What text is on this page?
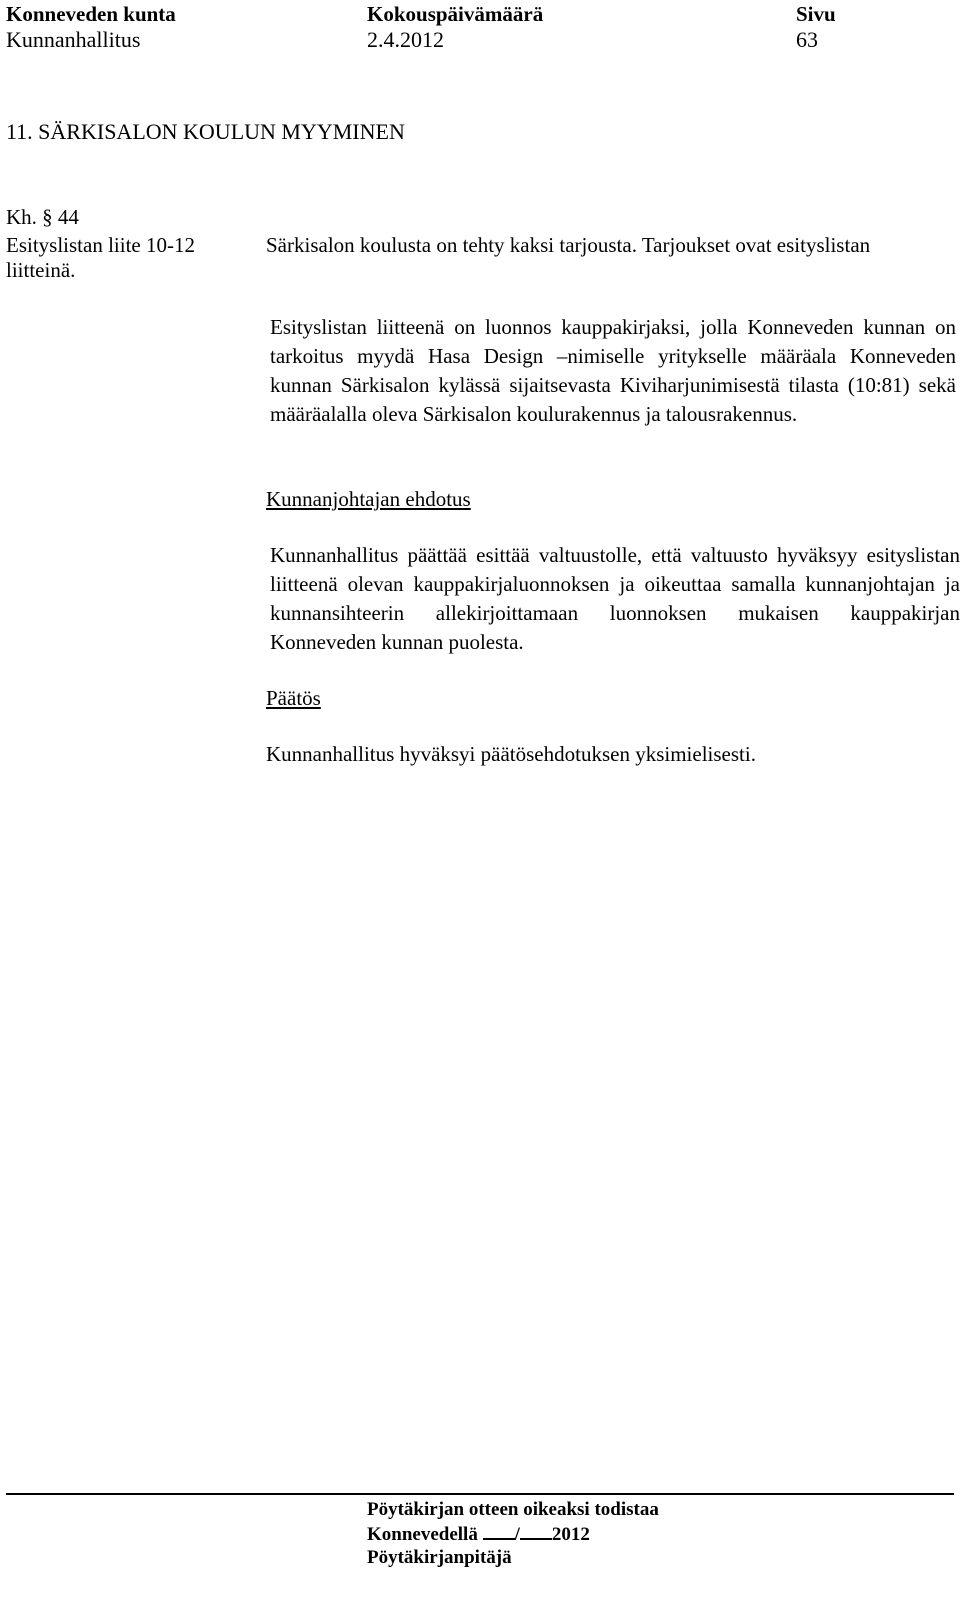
Konneveden kunta	Kokouspäivämäärä	Sivu
Kunnanhallitus	2.4.2012	63
11. SÄRKISALON KOULUN MYYMINEN
Kh. § 44
Esityslistan liite 10-12	Särkisalon koulusta on tehty kaksi tarjousta. Tarjoukset ovat esityslistan
liitteinä.
Esityslistan liitteenä on luonnos kauppakirjaksi, jolla Konneveden kunnan on tarkoitus myydä Hasa Design –nimiselle yritykselle määräala Konneveden kunnan Särkisalon kylässä sijaitsevasta Kiviharjunimisestä tilasta (10:81) sekä määräalalla oleva Särkisalon koulurakennus ja talousrakennus.
Kunnanjohtajan ehdotus
Kunnanhallitus päättää esittää valtuustolle, että valtuusto hyväksyy esityslistan liitteenä olevan kauppakirjaluonnoksen ja oikeuttaa samalla kunnanjohtajan ja kunnansihteerin allekirjoittamaan luonnoksen mukaisen kauppakirjan Konneveden kunnan puolesta.
Päätös
Kunnanhallitus hyväksyi päätösehdotuksen yksimielisesti.
Pöytäkirjan otteen oikeaksi todistaa
Konnevedellä / 2012
Pöytäkirjanpitäjä
